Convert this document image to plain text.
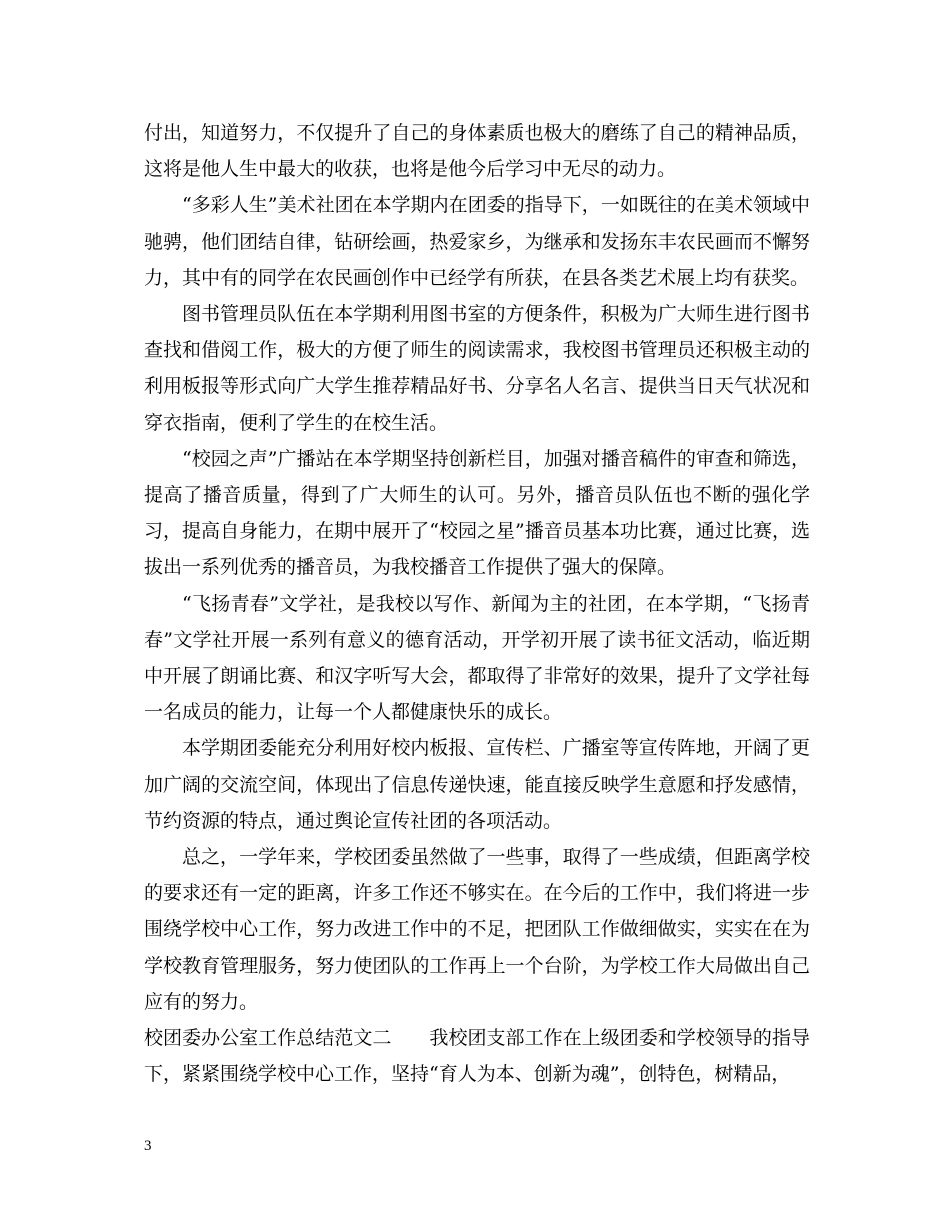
付出，知道努力，不仅提升了自己的身体素质也极大的磨练了自己的精神品质，这将是他人生中最大的收获，也将是他今后学习中无尽的动力。

“多彩人生”美术社团在本学期内在团委的指导下，一如既往的在美术领域中驰骋，他们团结自律，钻研绘画，热爱家乡，为继承和发扬东丰农民画而不懈努力，其中有的同学在农民画创作中已经学有所获，在县各类艺术展上均有获奖。

图书管理员队伍在本学期利用图书室的方便条件，积极为广大师生进行图书查找和借阅工作，极大的方便了师生的阅读需求，我校图书管理员还积极主动的利用板报等形式向广大学生推荐精品好书、分享名人名言、提供当日天气状况和穿衣指南，便利了学生的在校生活。

“校园之声”广播站在本学期坚持创新栏目，加强对播音稿件的审查和筛选，提高了播音质量，得到了广大师生的认可。另外，播音员队伍也不断的强化学习，提高自身能力，在期中展开了“校园之星”播音员基本功比赛，通过比赛，选拔出一系列优秀的播音员，为我校播音工作提供了强大的保障。

“飞扬青春”文学社，是我校以写作、新闻为主的社团，在本学期，“飞扬青春”文学社开展一系列有意义的德育活动，开学初开展了读书征文活动，临近期中开展了朗诵比赛、和汉字听写大会，都取得了非常好的效果，提升了文学社每一名成员的能力，让每一个人都健康快乐的成长。

本学期团委能充分利用好校内板报、宣传栏、广播室等宣传阵地，开阔了更加广阔的交流空间，体现出了信息传递快速，能直接反映学生意愿和抒发感情，节约资源的特点，通过舆论宣传社团的各项活动。

总之，一学年来，学校团委虽然做了一些事，取得了一些成绩，但距离学校的要求还有一定的距离，许多工作还不够实在。在今后的工作中，我们将进一步围绕学校中心工作，努力改进工作中的不足，把团队工作做细做实，实实在在为学校教育管理服务，努力使团队的工作再上一个台阶，为学校工作大局做出自己应有的努力。

校团委办公室工作总结范文二　　我校团支部工作在上级团委和学校领导的指导下，紧紧围绕学校中心工作，坚持“育人为本、创新为魂”，创特色，树精品，

3
